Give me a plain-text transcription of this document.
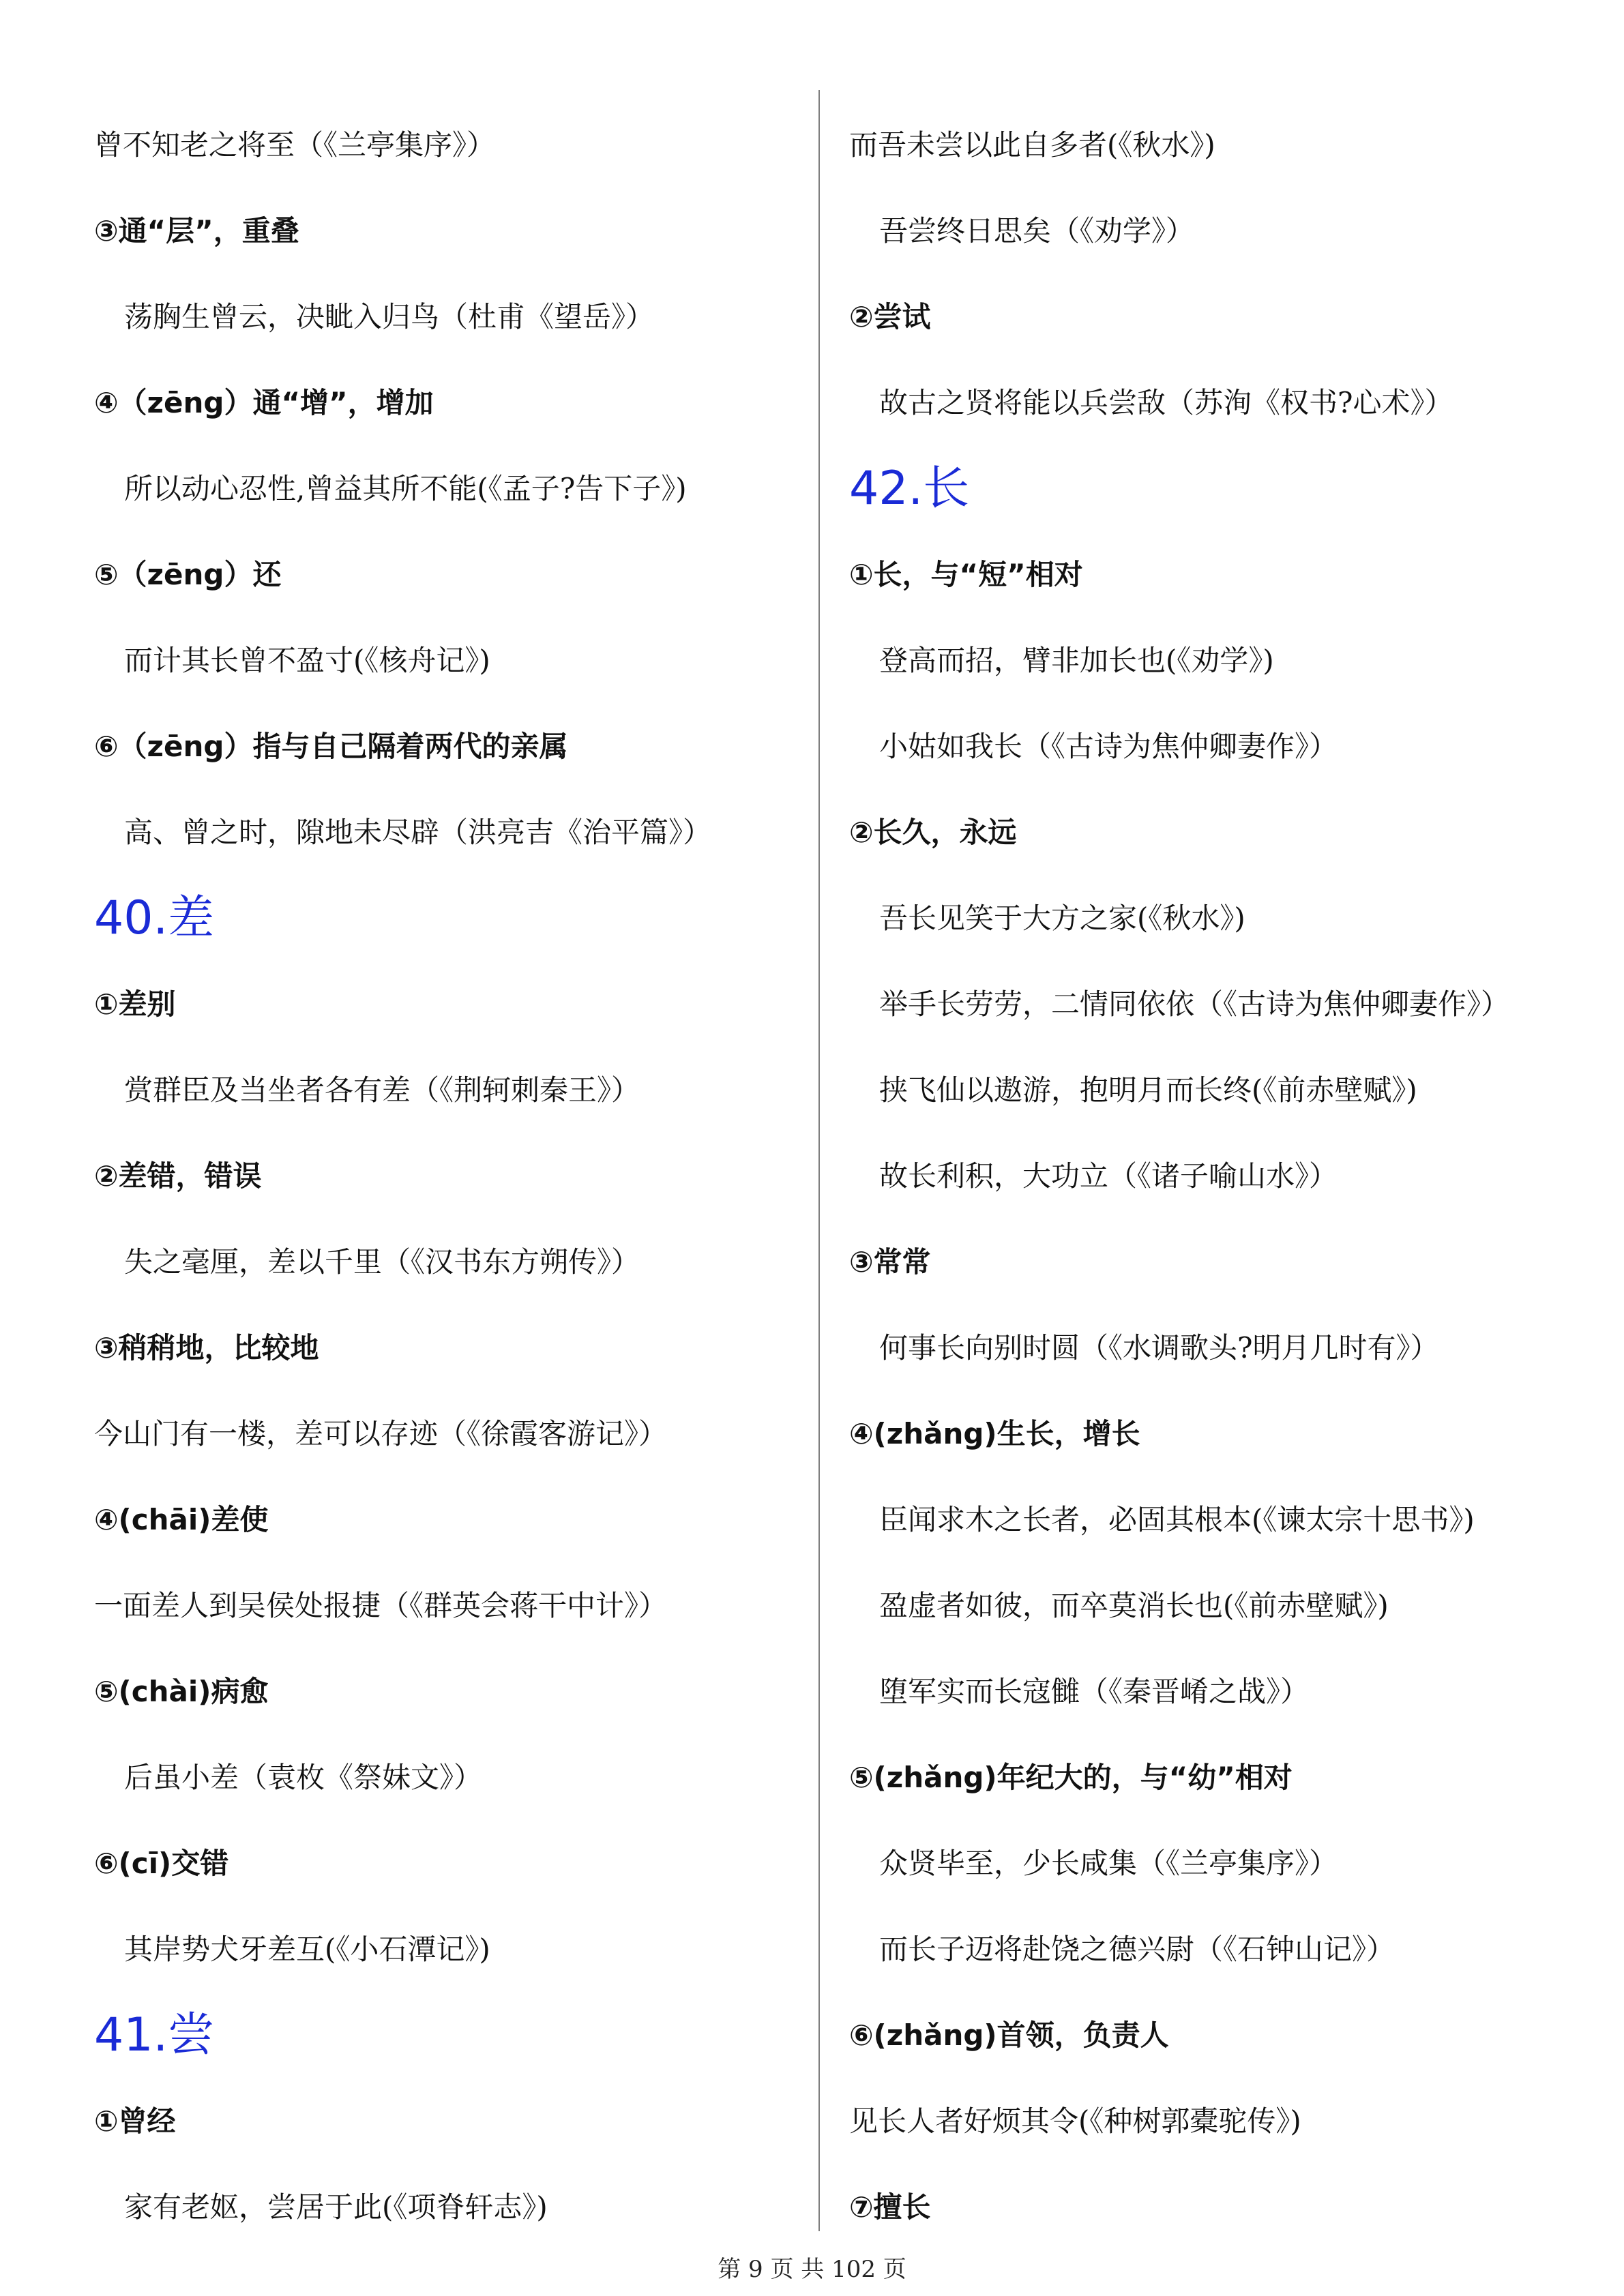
曾不知老之将至（《兰亭集序》）
③通“层”，重叠
荡胸生曾云，决眦入归鸟（杜甫《望岳》）
④（zēng）通“增”，增加
所以动心忍性,曾益其所不能(《孟子?告下子》)
⑤（zēng）还
而计其长曾不盈寸(《核舟记》)
⑥（zēng）指与自己隔着两代的亲属
高、曾之时，隙地未尽辟（洪亮吉《治平篇》）
40.差
①差别
赏群臣及当坐者各有差（《荆轲刺秦王》）
②差错，错误
失之毫厘，差以千里（《汉书东方朔传》）
③稍稍地，比较地
今山门有一楼，差可以存迹（《徐霞客游记》）
④(chāi)差使
一面差人到吴侯处报捷（《群英会蒋干中计》）
⑤(chài)病愈
后虽小差（袁枚《祭妹文》）
⑥(cī)交错
其岸势犬牙差互(《小石潭记》)
41.尝
①曾经
家有老妪，尝居于此(《项脊轩志》)
而吾未尝以此自多者(《秋水》)
吾尝终日思矣（《劝学》）
②尝试
故古之贤将能以兵尝敌（苏洵《权书?心术》）
42.长
①长，与“短”相对
登高而招，臂非加长也(《劝学》)
小姑如我长（《古诗为焦仲卿妻作》）
②长久，永远
吾长见笑于大方之家(《秋水》)
举手长劳劳，二情同依依（《古诗为焦仲卿妻作》）
挟飞仙以遨游，抱明月而长终(《前赤壁赋》)
故长利积，大功立（《诸子喻山水》）
③常常
何事长向别时圆（《水调歌头?明月几时有》）
④(zhǎng)生长，增长
臣闻求木之长者，必固其根本(《谏太宗十思书》)
盈虚者如彼，而卒莫消长也(《前赤壁赋》)
堕军实而长寇雠（《秦晋崤之战》）
⑤(zhǎng)年纪大的，与“幼”相对
众贤毕至，少长咸集（《兰亭集序》）
而长子迈将赴饶之德兴尉（《石钟山记》）
⑥(zhǎng)首领，负责人
见长人者好烦其令(《种树郭橐驼传》)
⑦擅长
第 9 页 共 102 页
